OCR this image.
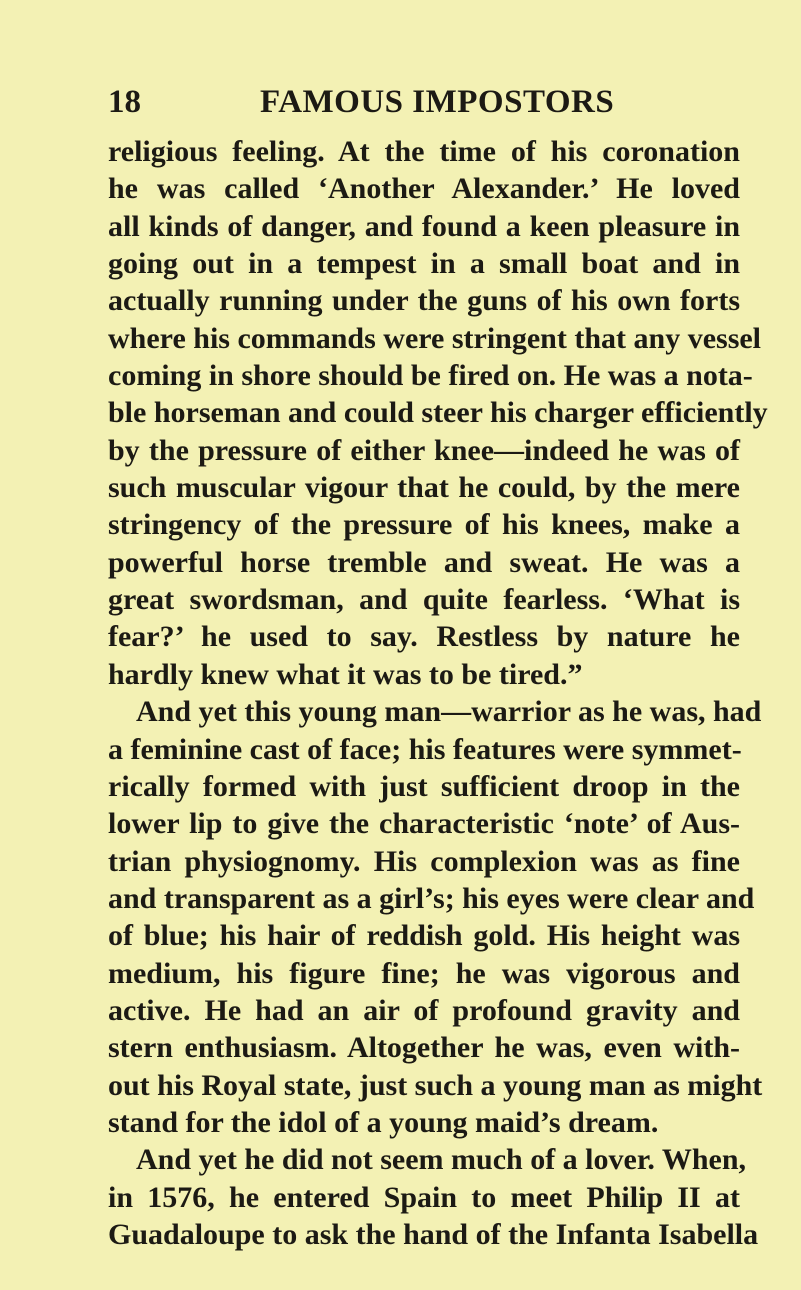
18	FAMOUS IMPOSTORS
religious feeling. At the time of his coronation
he was called ‘Another Alexander.’ He loved
all kinds of danger, and found a keen pleasure in
going out in a tempest in a small boat and in
actually running under the guns of his own forts
where his commands were stringent that any vessel
coming in shore should be fired on. He was a nota-
ble horseman and could steer his charger efficiently
by the pressure of either knee—indeed he was of
such muscular vigour that he could, by the mere
stringency of the pressure of his knees, make a
powerful horse tremble and sweat. He was a
great swordsman, and quite fearless. ‘What is
fear?’ he used to say. Restless by nature he
hardly knew what it was to be tired.”
And yet this young man—warrior as he was, had
a feminine cast of face; his features were symmet-
rically formed with just sufficient droop in the
lower lip to give the characteristic ‘note’ of Aus-
trian physiognomy. His complexion was as fine
and transparent as a girl’s; his eyes were clear and
of blue; his hair of reddish gold. His height was
medium, his figure fine; he was vigorous and
active. He had an air of profound gravity and
stern enthusiasm. Altogether he was, even with-
out his Royal state, just such a young man as might
stand for the idol of a young maid’s dream.
And yet he did not seem much of a lover. When,
in 1576, he entered Spain to meet Philip II at
Guadaloupe to ask the hand of the Infanta Isabella
